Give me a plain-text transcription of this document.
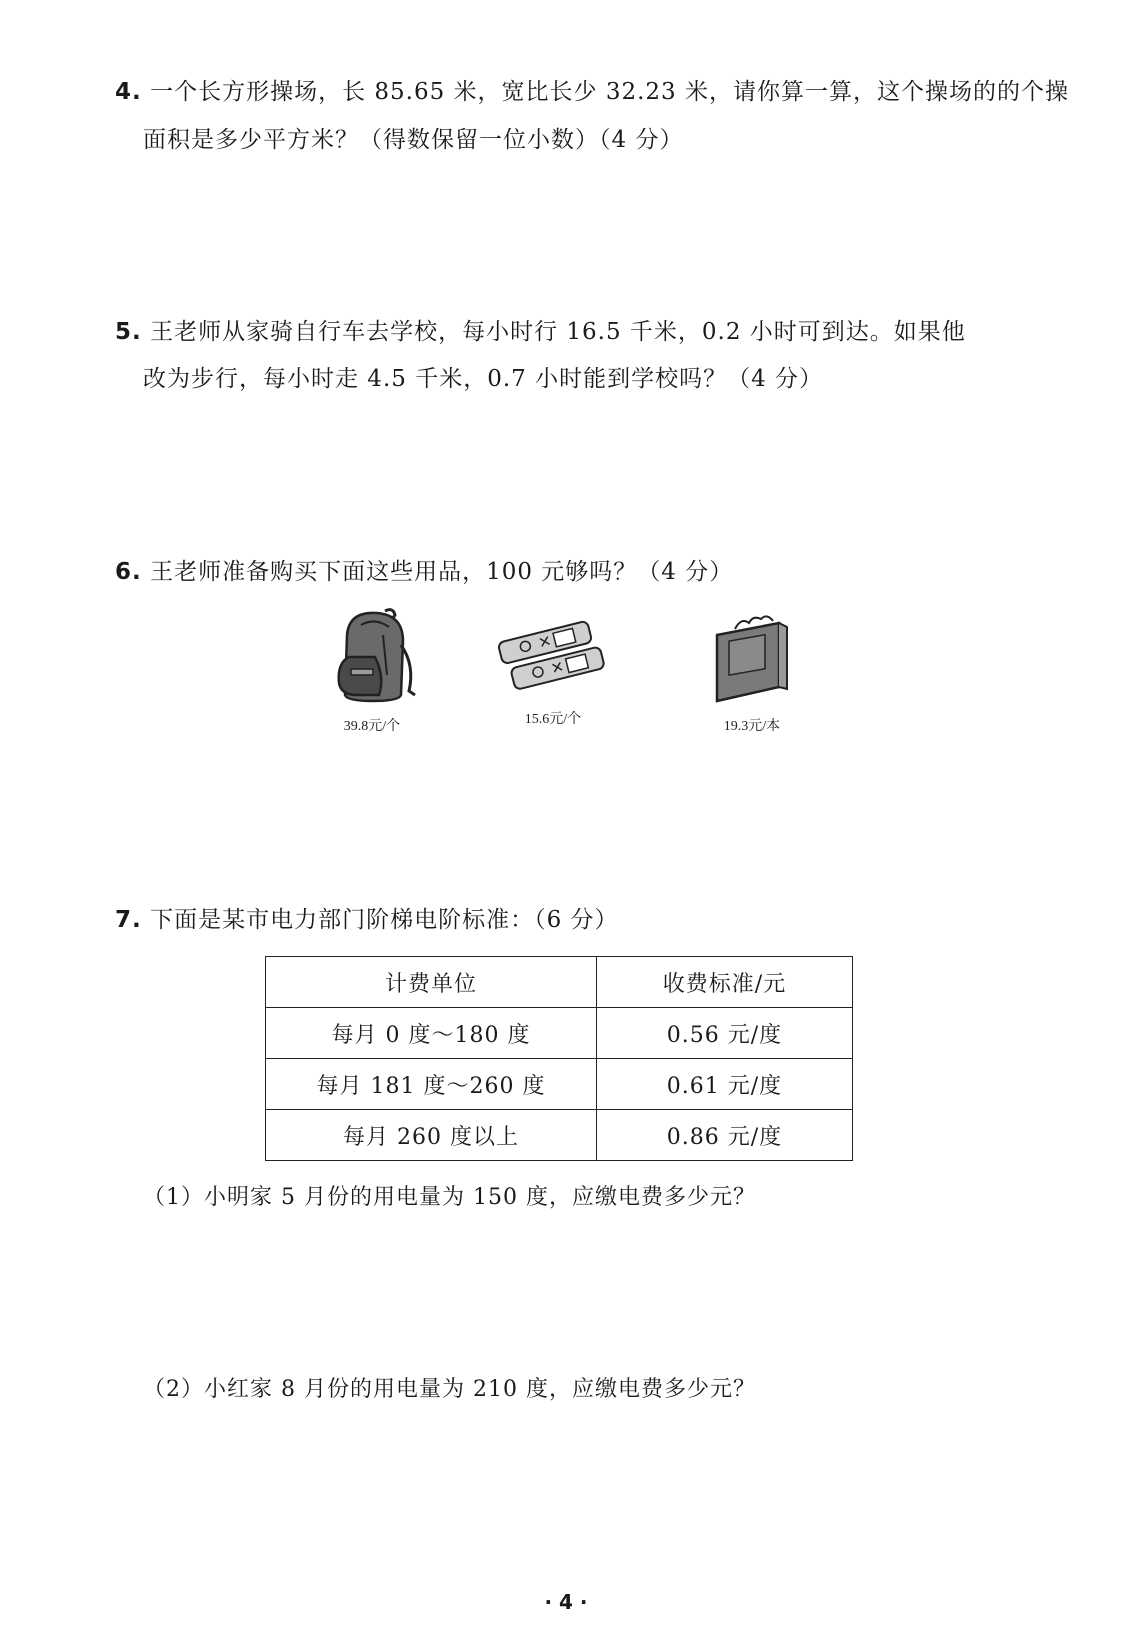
4. 一个长方形操场，长 85.65 米，宽比长少 32.23 米，请你算一算，这个操场的的个操
面积是多少平方米？（得数保留一位小数）（4 分）
5. 王老师从家骑自行车去学校，每小时行 16.5 千米，0.2 小时可到达。如果他
改为步行，每小时走 4.5 千米，0.7 小时能到学校吗？（4 分）
6. 王老师准备购买下面这些用品，100 元够吗？（4 分）
39.8元/个	15.6元/个	19.3元/本
7. 下面是某市电力部门阶梯电阶标准：（6 分）
计费单位	收费标准/元
每月 0 度～180 度	0.56 元/度
每月 181 度～260 度	0.61 元/度
每月 260 度以上	0.86 元/度
（1）小明家 5 月份的用电量为 150 度，应缴电费多少元？
（2）小红家 8 月份的用电量为 210 度，应缴电费多少元？
· 4 ·
